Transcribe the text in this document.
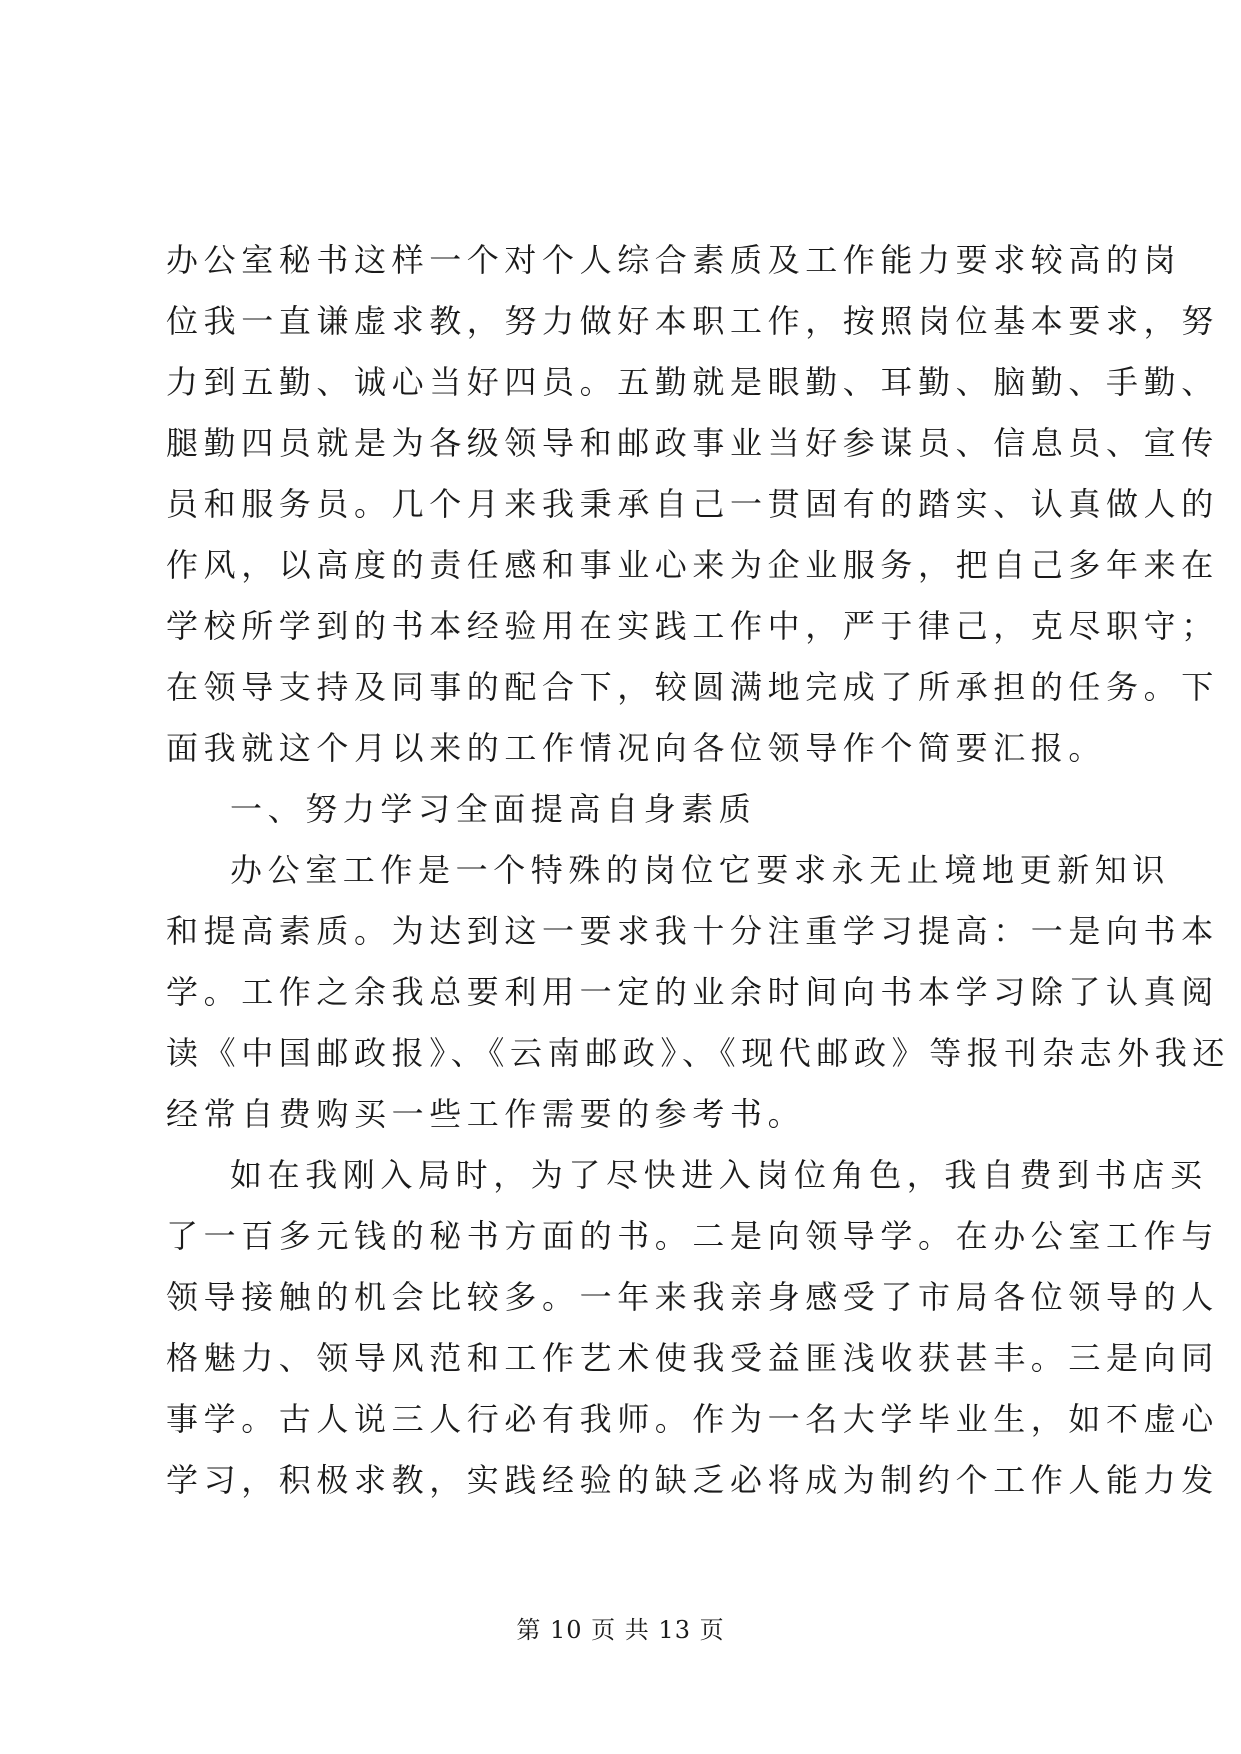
办公室秘书这样一个对个人综合素质及工作能力要求较高的岗
位我一直谦虚求教，努力做好本职工作，按照岗位基本要求，努
力到五勤、诚心当好四员。五勤就是眼勤、耳勤、脑勤、手勤、
腿勤四员就是为各级领导和邮政事业当好参谋员、信息员、宣传
员和服务员。几个月来我秉承自己一贯固有的踏实、认真做人的
作风，以高度的责任感和事业心来为企业服务，把自己多年来在
学校所学到的书本经验用在实践工作中，严于律己，克尽职守；
在领导支持及同事的配合下，较圆满地完成了所承担的任务。下
面我就这个月以来的工作情况向各位领导作个简要汇报。
一、努力学习全面提高自身素质
办公室工作是一个特殊的岗位它要求永无止境地更新知识
和提高素质。为达到这一要求我十分注重学习提高：一是向书本
学。工作之余我总要利用一定的业余时间向书本学习除了认真阅
读《中国邮政报》、《云南邮政》、《现代邮政》等报刊杂志外我还
经常自费购买一些工作需要的参考书。
如在我刚入局时，为了尽快进入岗位角色，我自费到书店买
了一百多元钱的秘书方面的书。二是向领导学。在办公室工作与
领导接触的机会比较多。一年来我亲身感受了市局各位领导的人
格魅力、领导风范和工作艺术使我受益匪浅收获甚丰。三是向同
事学。古人说三人行必有我师。作为一名大学毕业生，如不虚心
学习，积极求教，实践经验的缺乏必将成为制约个工作人能力发
第 10 页 共 13 页
